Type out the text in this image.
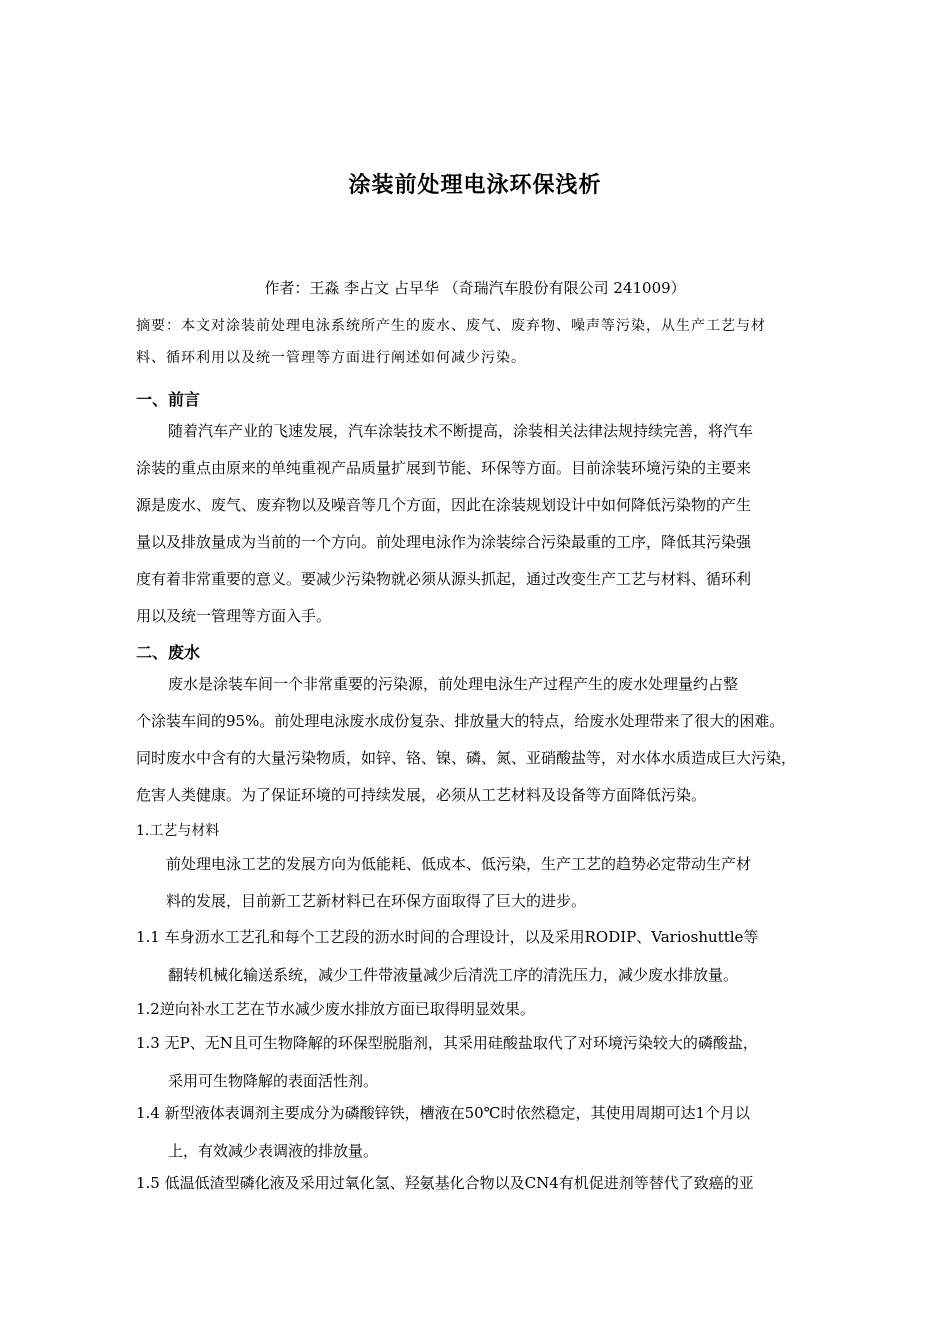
涂装前处理电泳环保浅析

作者：王淼 李占文 占早华 （奇瑞汽车股份有限公司 241009）

摘要：本文对涂装前处理电泳系统所产生的废水、废气、废弃物、噪声等污染，从生产工艺与材
料、循环利用以及统一管理等方面进行阐述如何减少污染。
一、前言
随着汽车产业的飞速发展，汽车涂装技术不断提高，涂装相关法律法规持续完善，将汽车
涂装的重点由原来的单纯重视产品质量扩展到节能、环保等方面。目前涂装环境污染的主要来
源是废水、废气、废弃物以及噪音等几个方面，因此在涂装规划设计中如何降低污染物的产生
量以及排放量成为当前的一个方向。前处理电泳作为涂装综合污染最重的工序，降低其污染强
度有着非常重要的意义。要减少污染物就必须从源头抓起，通过改变生产工艺与材料、循环利
用以及统一管理等方面入手。
二、废水
废水是涂装车间一个非常重要的污染源，前处理电泳生产过程产生的废水处理量约占整
个涂装车间的95%。前处理电泳废水成份复杂、排放量大的特点，给废水处理带来了很大的困难。
同时废水中含有的大量污染物质，如锌、铬、镍、磷、氮、亚硝酸盐等，对水体水质造成巨大污染，
危害人类健康。为了保证环境的可持续发展，必须从工艺材料及设备等方面降低污染。

1.工艺与材料

前处理电泳工艺的发展方向为低能耗、低成本、低污染，生产工艺的趋势必定带动生产材
料的发展，目前新工艺新材料已在环保方面取得了巨大的进步。
1.1 车身沥水工艺孔和每个工艺段的沥水时间的合理设计，以及采用RODIP、Varioshuttle等
翻转机械化输送系统，减少工件带液量减少后清洗工序的清洗压力，减少废水排放量。
1.2逆向补水工艺在节水减少废水排放方面已取得明显效果。
1.3 无P、无N且可生物降解的环保型脱脂剂，其采用硅酸盐取代了对环境污染较大的磷酸盐，
采用可生物降解的表面活性剂。
1.4 新型液体表调剂主要成分为磷酸锌铁，槽液在50℃时依然稳定，其使用周期可达1个月以
上，有效减少表调液的排放量。
1.5 低温低渣型磷化液及采用过氧化氢、羟氨基化合物以及CN4有机促进剂等替代了致癌的亚
